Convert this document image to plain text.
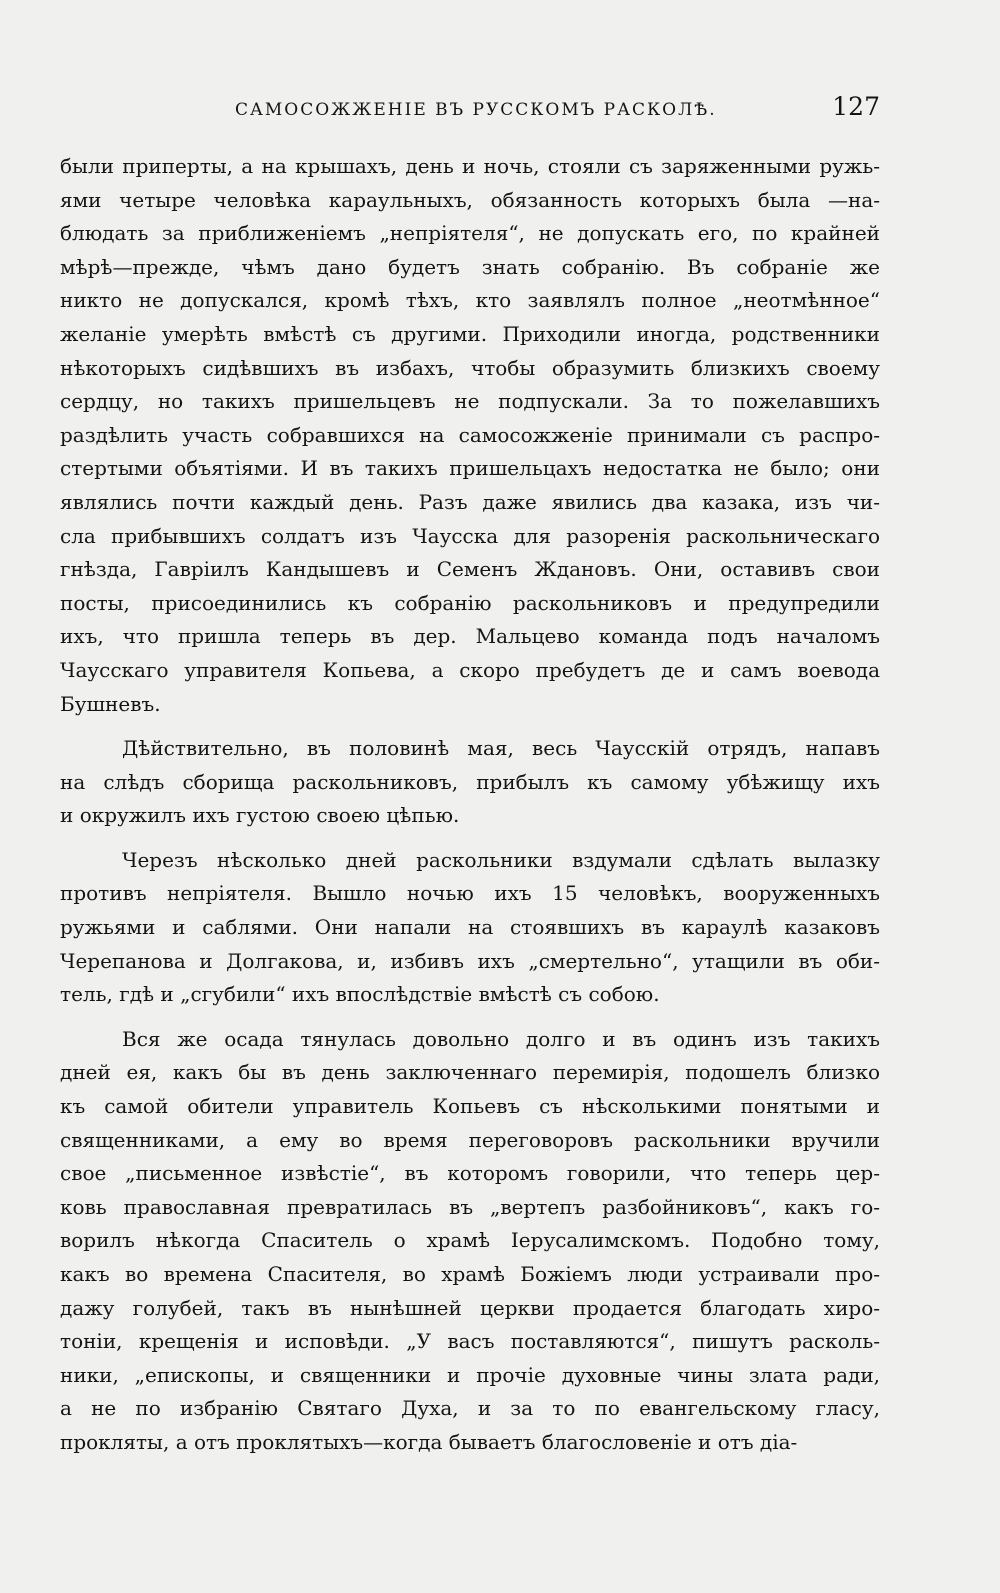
САМОСОЖЖЕНІЕ ВЪ РУССКОМЪ РАСКОЛѢ.	127
были приперты, а на крышахъ, день и ночь, стояли съ заряженными ружь-
ями четыре человѣка караульныхъ, обязанность которыхъ была —на-
блюдать за приближеніемъ „непріятеля“, не допускать его, по крайней
мѣрѣ—прежде, чѣмъ дано будетъ знать собранію. Въ собраніе же
никто не допускался, кромѣ тѣхъ, кто заявлялъ полное „неотмѣнное“
желаніе умерѣть вмѣстѣ съ другими. Приходили иногда, родственники
нѣкоторыхъ сидѣвшихъ въ избахъ, чтобы образумить близкихъ своему
сердцу, но такихъ пришельцевъ не подпускали. За то пожелавшихъ
раздѣлить участь собравшихся на самосожженіе принимали съ распро-
стертыми объятіями. И въ такихъ пришельцахъ недостатка не было; они
являлись почти каждый день. Разъ даже явились два казака, изъ чи-
сла прибывшихъ солдатъ изъ Чаусска для разоренія раскольническаго
гнѣзда, Гавріилъ Кандышевъ и Семенъ Ждановъ. Они, оставивъ свои
посты, присоединились къ собранію раскольниковъ и предупредили
ихъ, что пришла теперь въ дер. Мальцево команда подъ началомъ
Чаусскаго управителя Копьева, а скоро пребудетъ де и самъ воевода
Бушневъ.
Дѣйствительно, въ половинѣ мая, весь Чаусскій отрядъ, напавъ
на слѣдъ сборища раскольниковъ, прибылъ къ самому убѣжищу ихъ
и окружилъ ихъ густою своею цѣпью.
Черезъ нѣсколько дней раскольники вздумали сдѣлать вылазку
противъ непріятеля. Вышло ночью ихъ 15 человѣкъ, вооруженныхъ
ружьями и саблями. Они напали на стоявшихъ въ караулѣ казаковъ
Черепанова и Долгакова, и, избивъ ихъ „смертельно“, утащили въ оби-
тель, гдѣ и „сгубили“ ихъ впослѣдствіе вмѣстѣ съ собою.
Вся же осада тянулась довольно долго и въ одинъ изъ такихъ
дней ея, какъ бы въ день заключеннаго перемирія, подошелъ близко
къ самой обители управитель Копьевъ съ нѣсколькими понятыми и
священниками, а ему во время переговоровъ раскольники вручили
свое „письменное извѣстіе“, въ которомъ говорили, что теперь цер-
ковь православная превратилась въ „вертепъ разбойниковъ“, какъ го-
ворилъ нѣкогда Спаситель о храмѣ Іерусалимскомъ. Подобно тому,
какъ во времена Спасителя, во храмѣ Божіемъ люди устраивали про-
дажу голубей, такъ въ нынѣшней церкви продается благодать хиро-
тоніи, крещенія и исповѣди. „У васъ поставляются“, пишутъ расколь-
ники, „епископы, и священники и прочіе духовные чины злата ради,
а не по избранію Святаго Духа, и за то по евангельскому гласу,
прокляты, а отъ проклятыхъ—когда бываетъ благословеніе и отъ діа-
